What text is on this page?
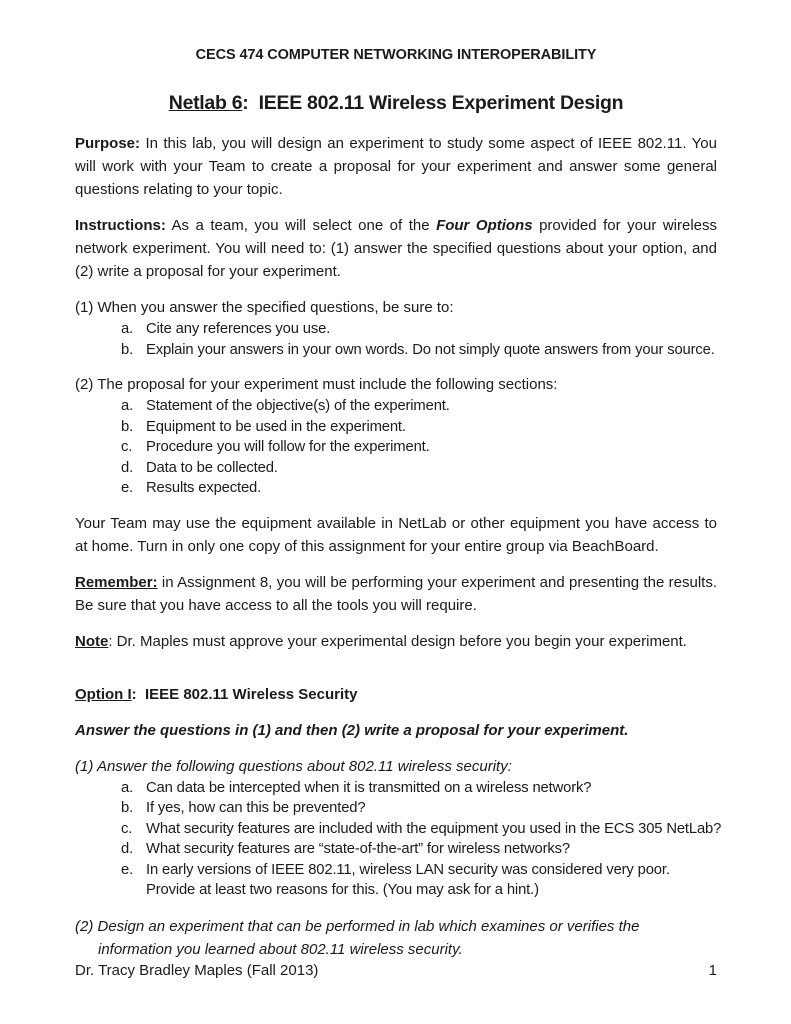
CECS 474 COMPUTER NETWORKING INTEROPERABILITY
Netlab 6:  IEEE 802.11 Wireless Experiment Design

Purpose: In this lab, you will design an experiment to study some aspect of IEEE 802.11. You will work with your Team to create a proposal for your experiment and answer some general questions relating to your topic.

Instructions: As a team, you will select one of the Four Options provided for your wireless network experiment. You will need to: (1) answer the specified questions about your option, and (2) write a proposal for your experiment.

(1) When you answer the specified questions, be sure to:

a. Cite any references you use.
b. Explain your answers in your own words. Do not simply quote answers from your source.

(2) The proposal for your experiment must include the following sections:

a. Statement of the objective(s) of the experiment.
b. Equipment to be used in the experiment.
c. Procedure you will follow for the experiment.
d. Data to be collected.
e. Results expected.

Your Team may use the equipment available in NetLab or other equipment you have access to at home. Turn in only one copy of this assignment for your entire group via BeachBoard.

Remember: in Assignment 8, you will be performing your experiment and presenting the results. Be sure that you have access to all the tools you will require.

Note: Dr. Maples must approve your experimental design before you begin your experiment.

Option I:  IEEE 802.11 Wireless Security

Answer the questions in (1) and then (2) write a proposal for your experiment.

(1) Answer the following questions about 802.11 wireless security:

a. Can data be intercepted when it is transmitted on a wireless network?
b. If yes, how can this be prevented?
c. What security features are included with the equipment you used in the ECS 305 NetLab?
d. What security features are “state-of-the-art” for wireless networks?
e. In early versions of IEEE 802.11, wireless LAN security was considered very poor. Provide at least two reasons for this. (You may ask for a hint.)

(2) Design an experiment that can be performed in lab which examines or verifies the information you learned about 802.11 wireless security.

Dr. Tracy Bradley Maples (Fall 2013)	1
